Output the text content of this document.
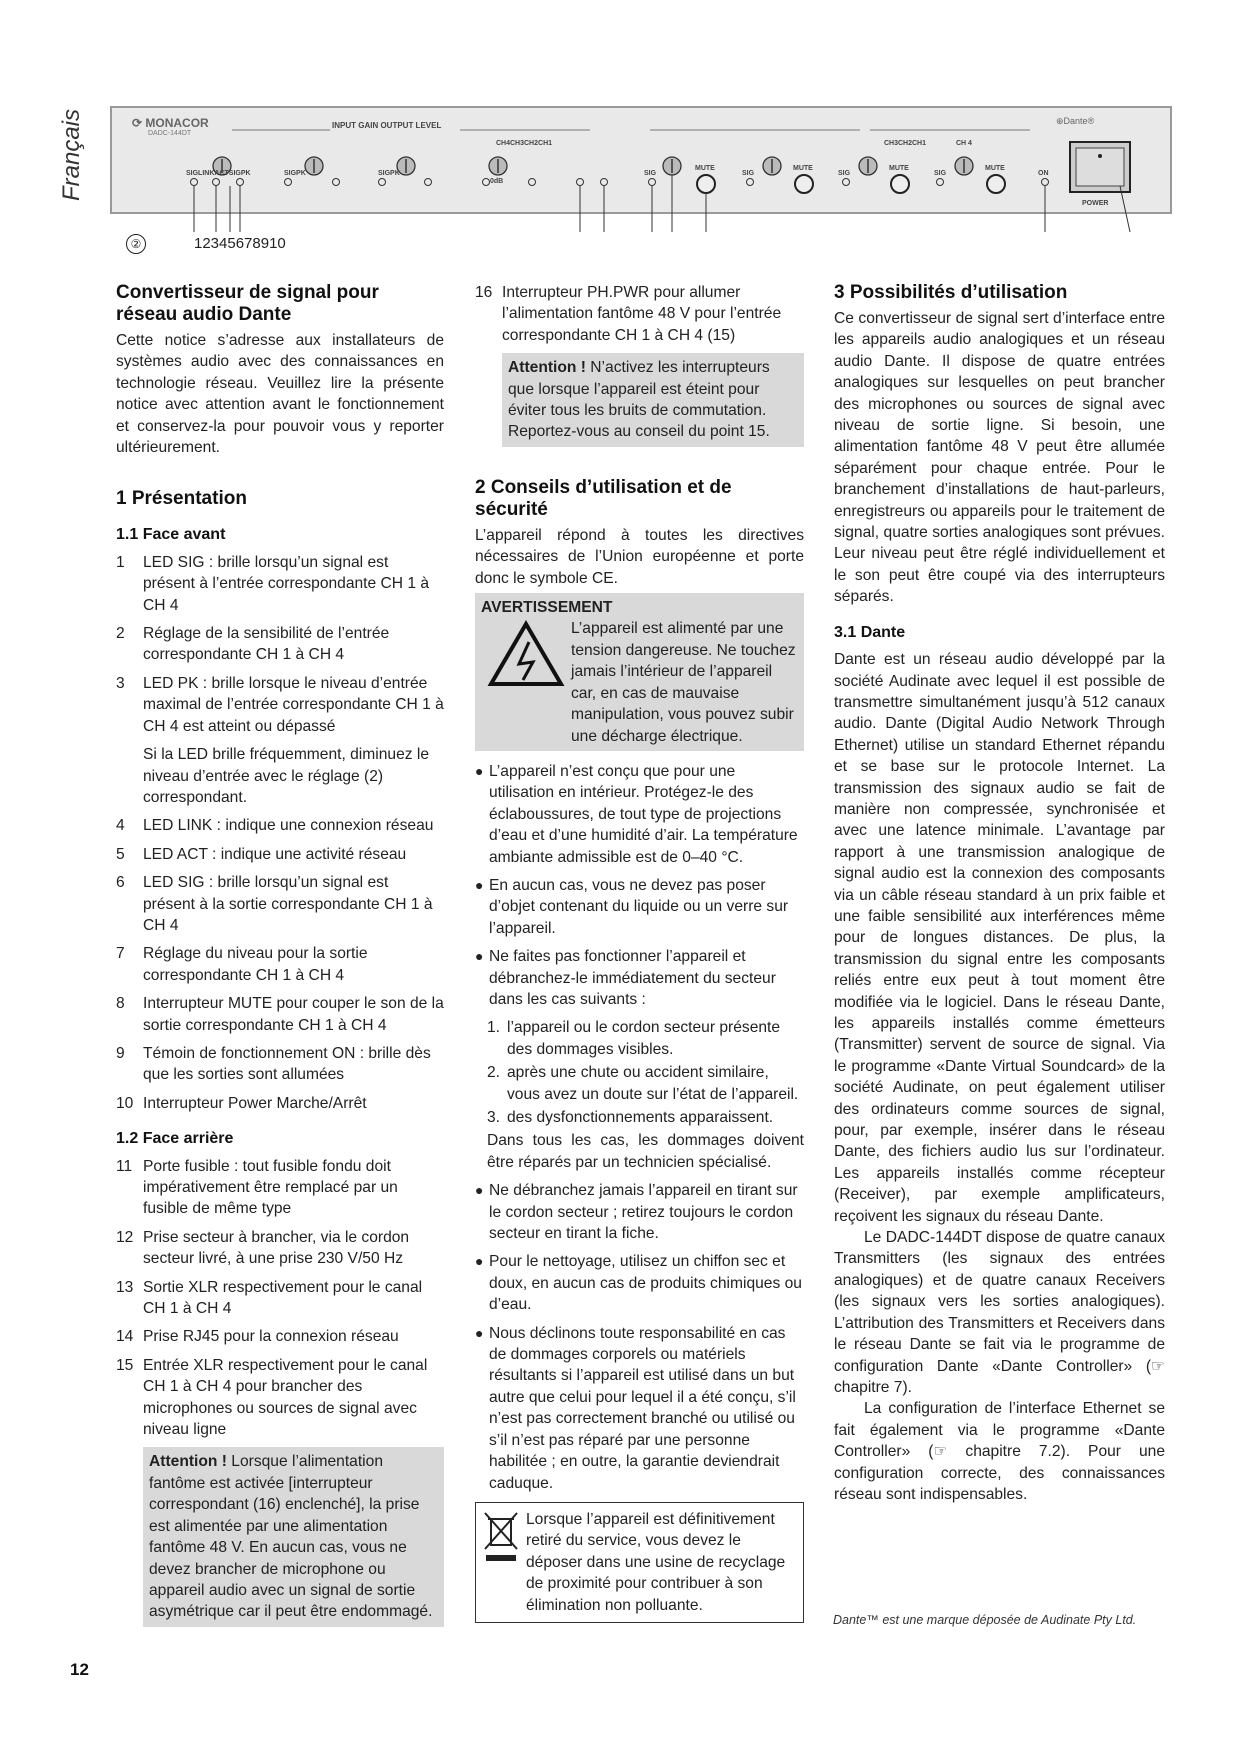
Français	⟳ MONACOR
DADC-144DT
INPUT GAIN OUTPUT LEVEL	⊕Dante®
CH4CH3CH2CH1	CH3CH2CH1	CH 4
SIGLINKACTSIGPK	SIGPK	SIGPK
0dB
SIG	SIG	SIG	SIG
MUTE	MUTE	MUTE	MUTE
ON
POWER
②	12345678910
Convertisseur de signal pour réseau audio Dante

Cette notice s’adresse aux installateurs de systèmes audio avec des connaissances en technologie réseau. Veuillez lire la présente notice avec attention avant le fonctionnement et conservez-la pour pouvoir vous y reporter ultérieurement.

1 Présentation
1.1 Face avant
1	LED SIG : brille lorsqu’un signal est présent à l’entrée correspondante CH 1 à CH 4
2	Réglage de la sensibilité de l’entrée correspondante CH 1 à CH 4
3	LED PK : brille lorsque le niveau d’entrée maximal de l’entrée correspondante CH 1 à CH 4 est atteint ou dépassé
Si la LED brille fréquemment, diminuez le niveau d’entrée avec le réglage (2) correspondant.
4	LED LINK : indique une connexion réseau
5	LED ACT : indique une activité réseau
6	LED SIG : brille lorsqu’un signal est présent à la sortie correspondante CH 1 à CH 4
7	Réglage du niveau pour la sortie correspondante CH 1 à CH 4
8	Interrupteur MUTE pour couper le son de la sortie correspondante CH 1 à CH 4
9	Témoin de fonctionnement ON : brille dès que les sorties sont allumées
10 Interrupteur Power Marche/Arrêt
1.2 Face arrière
11 Porte fusible : tout fusible fondu doit impérativement être remplacé par un fusible de même type
12 Prise secteur à brancher, via le cordon secteur livré, à une prise 230 V/50 Hz
13 Sortie XLR respectivement pour le canal CH 1 à CH 4
14 Prise RJ45 pour la connexion réseau
15 Entrée XLR respectivement pour le canal CH 1 à CH 4 pour brancher des microphones ou sources de signal avec niveau ligne
Attention ! Lorsque l’alimentation fantôme est activée [interrupteur correspondant (16) enclenché], la prise est alimentée par une alimentation fantôme 48 V. En aucun cas, vous ne devez brancher de microphone ou appareil audio avec un signal de sortie asymétrique car il peut être endommagé.
16 Interrupteur PH.PWR pour allumer l’alimentation fantôme 48 V pour l’entrée correspondante CH 1 à CH 4 (15)
Attention ! N’activez les interrupteurs que lorsque l’appareil est éteint pour éviter tous les bruits de commutation. Reportez-vous au conseil du point 15.
2 Conseils d’utilisation et de sécurité

L’appareil répond à toutes les directives nécessaires de l’Union européenne et porte donc le symbole CE.

AVERTISSEMENT
L’appareil est alimenté par une tension dangereuse. Ne touchez jamais l’intérieur de l’appareil car, en cas de mauvaise manipulation, vous pouvez subir une décharge électrique.
● L’appareil n’est conçu que pour une utilisation en intérieur. Protégez-le des éclaboussures, de tout type de projections d’eau et d’une humidité d’air. La température ambiante admissible est de 0–40 °C.
● En aucun cas, vous ne devez pas poser d’objet contenant du liquide ou un verre sur l’appareil.
● Ne faites pas fonctionner l’appareil et débranchez-le immédiatement du secteur dans les cas suivants :
1. l’appareil ou le cordon secteur présente des dommages visibles.
2. après une chute ou accident similaire, vous avez un doute sur l’état de l’appareil.
3. des dysfonctionnements apparaissent.

Dans tous les cas, les dommages doivent être réparés par un technicien spécialisé.

● Ne débranchez jamais l’appareil en tirant sur le cordon secteur ; retirez toujours le cordon secteur en tirant la fiche.
● Pour le nettoyage, utilisez un chiffon sec et doux, en aucun cas de produits chimiques ou d’eau.
● Nous déclinons toute responsabilité en cas de dommages corporels ou matériels résultants si l’appareil est utilisé dans un but autre que celui pour lequel il a été conçu, s’il n’est pas correctement branché ou utilisé ou s’il n’est pas réparé par une personne habilitée ; en outre, la garantie deviendrait caduque.
Lorsque l’appareil est définitivement retiré du service, vous devez le déposer dans une usine de recyclage de proximité pour contribuer à son élimination non polluante.
3 Possibilités d’utilisation

Ce convertisseur de signal sert d’interface entre les appareils audio analogiques et un réseau audio Dante. Il dispose de quatre entrées analogiques sur lesquelles on peut brancher des microphones ou sources de signal avec niveau de sortie ligne. Si besoin, une alimentation fantôme 48 V peut être allumée séparément pour chaque entrée. Pour le branchement d’installations de haut-parleurs, enregistreurs ou appareils pour le traitement de signal, quatre sorties analogiques sont prévues. Leur niveau peut être réglé individuellement et le son peut être coupé via des interrupteurs séparés.

3.1 Dante

Dante est un réseau audio développé par la société Audinate avec lequel il est possible de transmettre simultanément jusqu’à 512 canaux audio. Dante (Digital Audio Network Through Ethernet) utilise un standard Ethernet répandu et se base sur le protocole Internet. La transmission des signaux audio se fait de manière non compressée, synchronisée et avec une latence minimale. L’avantage par rapport à une transmission analogique de signal audio est la connexion des composants via un câble réseau standard à un prix faible et une faible sensibilité aux interférences même pour de longues distances. De plus, la transmission du signal entre les composants reliés entre eux peut à tout moment être modifiée via le logiciel. Dans le réseau Dante, les appareils installés comme émetteurs (Transmitter) servent de source de signal. Via le programme «Dante Virtual Soundcard» de la société Audinate, on peut également utiliser des ordinateurs comme sources de signal, pour, par exemple, insérer dans le réseau Dante, des fichiers audio lus sur l’ordinateur. Les appareils installés comme récepteur (Receiver), par exemple amplificateurs, reçoivent les signaux du réseau Dante.

Le DADC-144DT dispose de quatre canaux Transmitters (les signaux des entrées analogiques) et de quatre canaux Receivers (les signaux vers les sorties analogiques). L’attribution des Transmitters et Receivers dans le réseau Dante se fait via le programme de configuration Dante «Dante Controller» (☞ chapitre 7).

La configuration de l’interface Ethernet se fait également via le programme «Dante Controller» (☞ chapitre 7.2). Pour une configuration correcte, des connaissances réseau sont indispensables.

Dante™ est une marque déposée de Audinate Pty Ltd.
12
